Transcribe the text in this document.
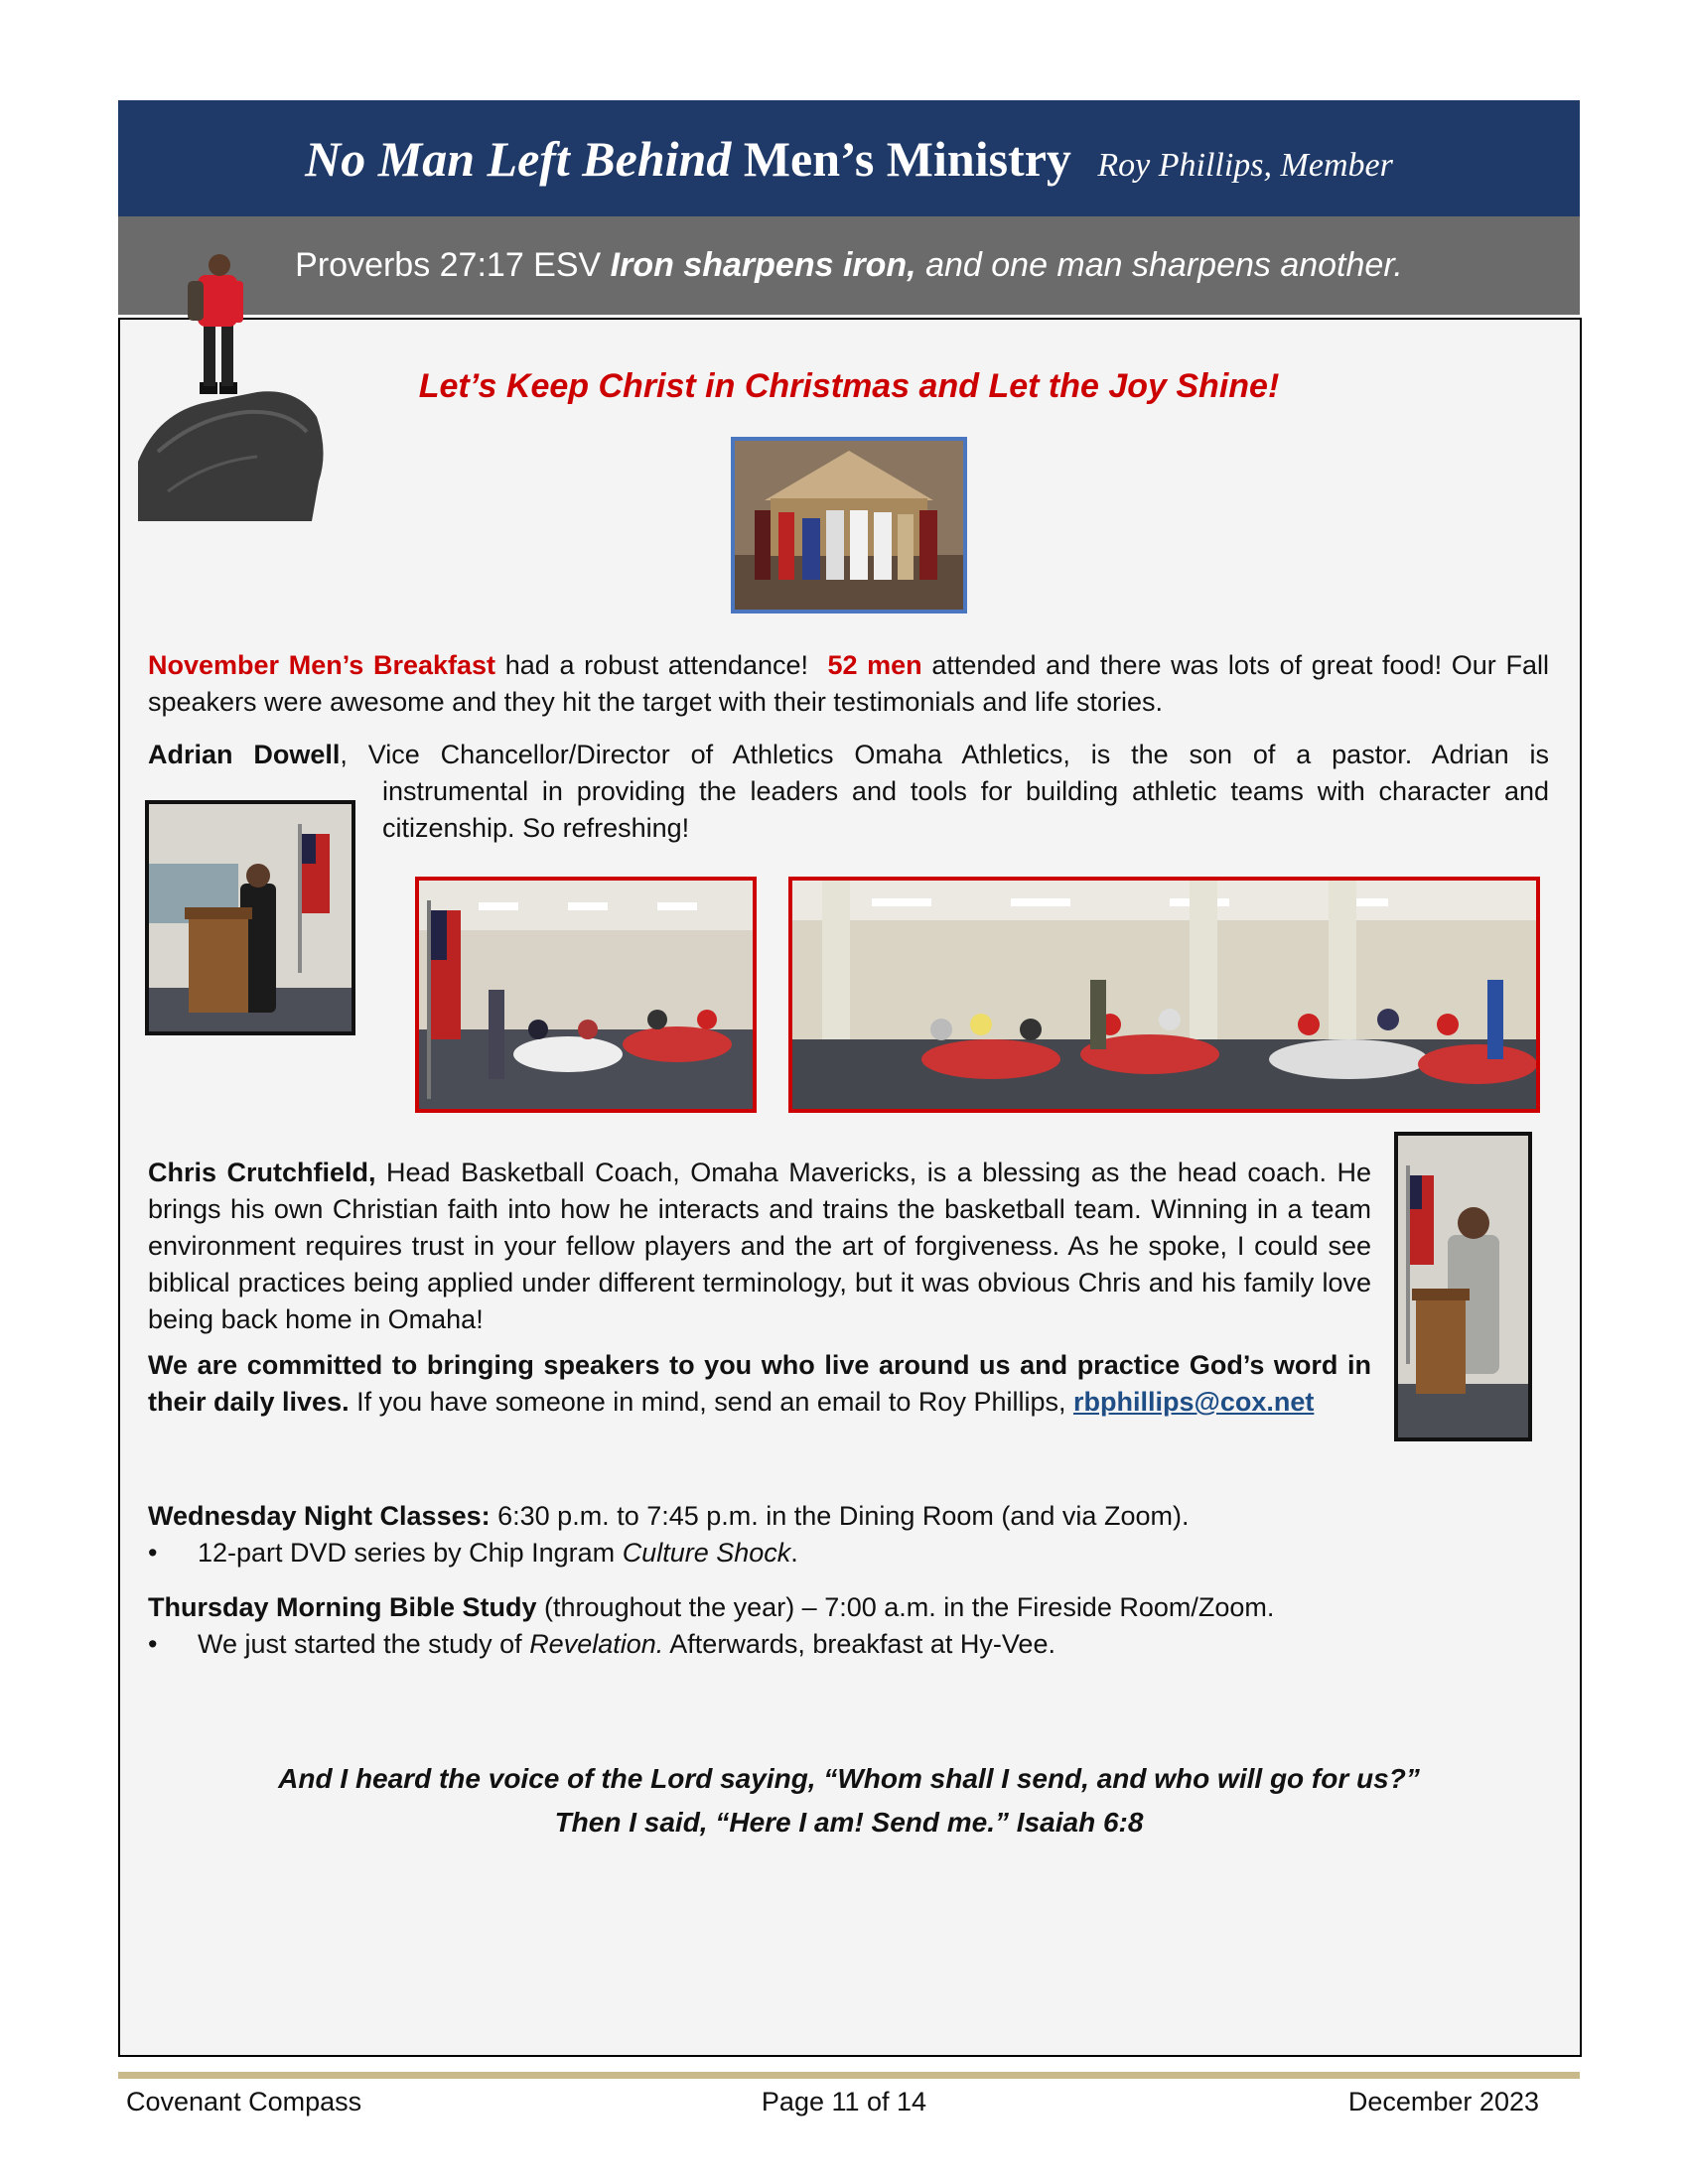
No Man Left Behind Men’s Ministry Roy Phillips, Member
Proverbs 27:17 ESV
Iron sharpens iron,
and one man sharpens another.
Let’s Keep Christ in Christmas and Let the Joy Shine!
November Men’s Breakfast had a robust attendance! 52 men attended and there was lots of great food! Our Fall speakers were awesome and they hit the target with their testimonials and life stories.
Adrian Dowell, Vice Chancellor/Director of Athletics Omaha Athletics, is the son of a pastor. Adrian is
instrumental in providing the leaders and tools for building athletic teams with character and citizenship. So refreshing!
Chris Crutchfield, Head Basketball Coach, Omaha Mavericks, is a blessing as the head coach. He brings his own Christian faith into how he interacts and trains the basketball team. Winning in a team environment requires trust in your fellow players and the art of forgiveness. As he spoke, I could see biblical practices being applied under different terminology, but it was obvious Chris and his family love being back home in Omaha!
We are committed to bringing speakers to you who live around us and practice God’s word in their daily lives. If you have someone in mind, send an email to Roy Phillips, rbphillips@cox.net
Wednesday Night Classes: 6:30 p.m. to 7:45 p.m. in the Dining Room (and via Zoom).
• 12-part DVD series by Chip Ingram Culture Shock.
Thursday Morning Bible Study (throughout the year) – 7:00 a.m. in the Fireside Room/Zoom.
• We just started the study of Revelation. Afterwards, breakfast at Hy-Vee.
And I heard the voice of the Lord saying, “Whom shall I send, and who will go for us?”
Then I said, “Here I am! Send me.” Isaiah 6:8
Covenant Compass	Page 11 of 14	December 2023
